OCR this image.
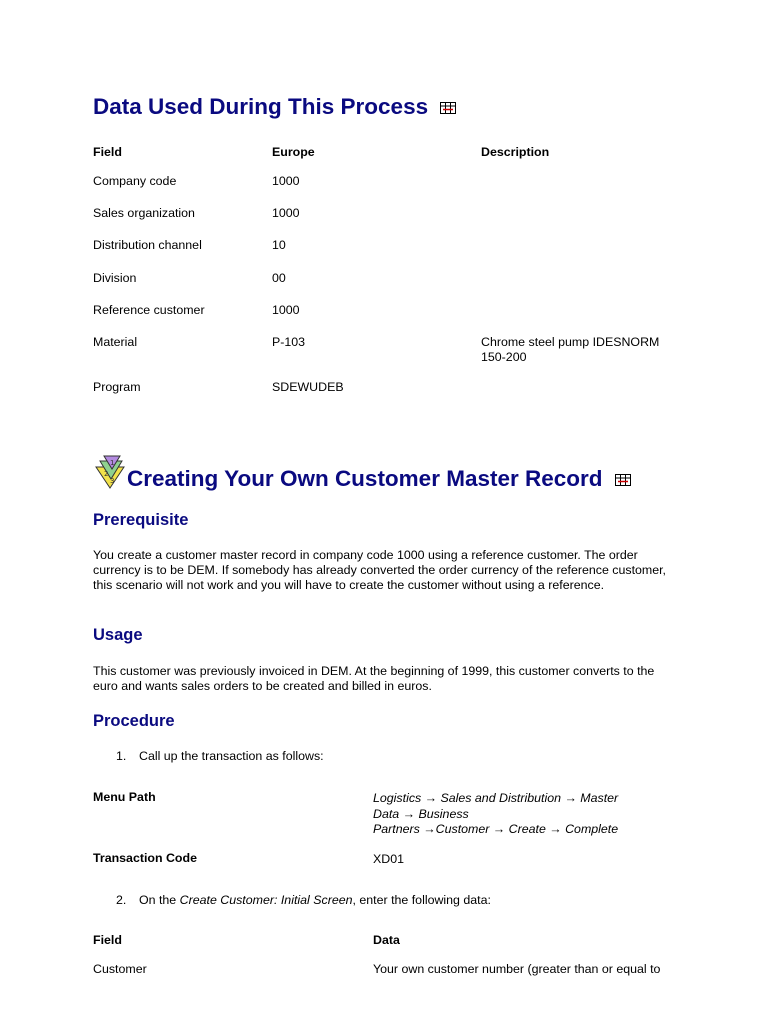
Data Used During This Process
Field	Europe	Description
Company code	1000
Sales organization	1000
Distribution channel	10
Division	00
Reference customer	1000
Material	P-103	Chrome steel pump IDESNORM 150-200
Program	SDEWUDEB
2
3
1
Creating Your Own Customer Master Record
Prerequisite

You create a customer master record in company code 1000 using a reference customer. The order currency is to be DEM. If somebody has already converted the order currency of the reference customer, this scenario will not work and you will have to create the customer without using a reference.

Usage

This customer was previously invoiced in DEM. At the beginning of 1999, this customer converts to the euro and wants sales orders to be created and billed in euros.

Procedure
1. Call up the transaction as follows:
Menu Path	Logistics → Sales and Distribution → Master
Data → Business
Partners →Customer → Create → Complete
Transaction Code	XD01
2. On the Create Customer: Initial Screen, enter the following data:
Field	Data
Customer	Your own customer number (greater than or equal to
